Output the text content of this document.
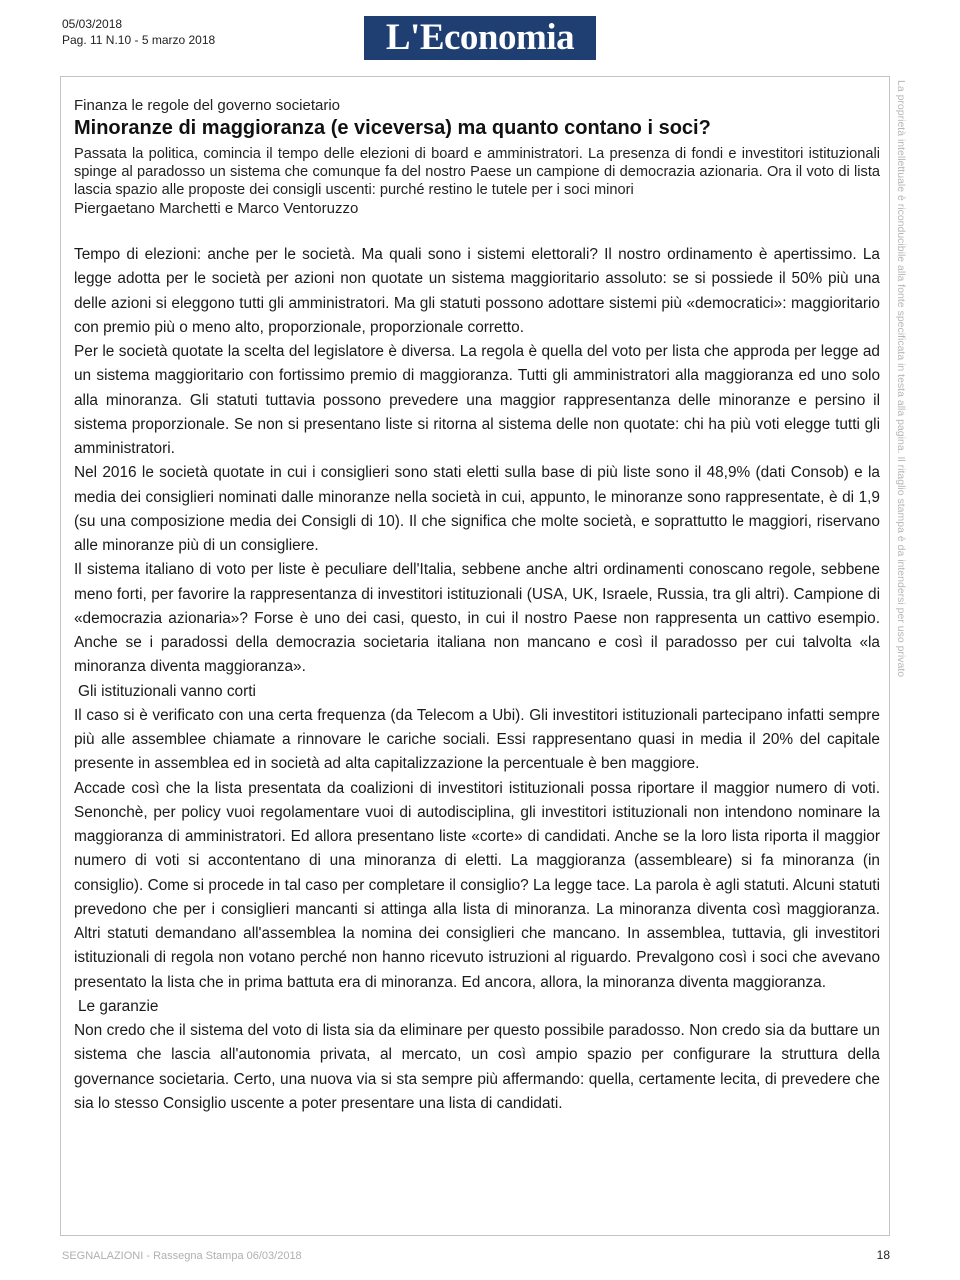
05/03/2018
Pag. 11 N.10 - 5 marzo 2018	L'Economia
La proprietà intellettuale è riconducibile alla fonte specificata in testa alla pagina. Il ritaglio stampa è da intendersi per uso privato

Finanza le regole del governo societario

Minoranze di maggioranza (e viceversa) ma quanto contano i soci?

Passata la politica, comincia il tempo delle elezioni di board e amministratori. La presenza di fondi e investitori istituzionali spinge al paradosso un sistema che comunque fa del nostro Paese un campione di democrazia azionaria. Ora il voto di lista lascia spazio alle proposte dei consigli uscenti: purché restino le tutele per i soci minori

Piergaetano Marchetti e Marco Ventoruzzo

Tempo di elezioni: anche per le società. Ma quali sono i sistemi elettorali? Il nostro ordinamento è apertissimo. La legge adotta per le società per azioni non quotate un sistema maggioritario assoluto: se si possiede il 50% più una delle azioni si eleggono tutti gli amministratori. Ma gli statuti possono adottare sistemi più «democratici»: maggioritario con premio più o meno alto, proporzionale, proporzionale corretto.

Per le società quotate la scelta del legislatore è diversa. La regola è quella del voto per lista che approda per legge ad un sistema maggioritario con fortissimo premio di maggioranza. Tutti gli amministratori alla maggioranza ed uno solo alla minoranza. Gli statuti tuttavia possono prevedere una maggior rappresentanza delle minoranze e persino il sistema proporzionale. Se non si presentano liste si ritorna al sistema delle non quotate: chi ha più voti elegge tutti gli amministratori.

Nel 2016 le società quotate in cui i consiglieri sono stati eletti sulla base di più liste sono il 48,9% (dati Consob) e la media dei consiglieri nominati dalle minoranze nella società in cui, appunto, le minoranze sono rappresentate, è di 1,9 (su una composizione media dei Consigli di 10). Il che significa che molte società, e soprattutto le maggiori, riservano alle minoranze più di un consigliere.

Il sistema italiano di voto per liste è peculiare dell'Italia, sebbene anche altri ordinamenti conoscano regole, sebbene meno forti, per favorire la rappresentanza di investitori istituzionali (USA, UK, Israele, Russia, tra gli altri). Campione di «democrazia azionaria»? Forse è uno dei casi, questo, in cui il nostro Paese non rappresenta un cattivo esempio. Anche se i paradossi della democrazia societaria italiana non mancano e così il paradosso per cui talvolta «la minoranza diventa maggioranza».

Gli istituzionali vanno corti

Il caso si è verificato con una certa frequenza (da Telecom a Ubi). Gli investitori istituzionali partecipano infatti sempre più alle assemblee chiamate a rinnovare le cariche sociali. Essi rappresentano quasi in media il 20% del capitale presente in assemblea ed in società ad alta capitalizzazione la percentuale è ben maggiore.

Accade così che la lista presentata da coalizioni di investitori istituzionali possa riportare il maggior numero di voti. Senonchè, per policy vuoi regolamentare vuoi di autodisciplina, gli investitori istituzionali non intendono nominare la maggioranza di amministratori. Ed allora presentano liste «corte» di candidati. Anche se la loro lista riporta il maggior numero di voti si accontentano di una minoranza di eletti. La maggioranza (assembleare) si fa minoranza (in consiglio). Come si procede in tal caso per completare il consiglio? La legge tace. La parola è agli statuti. Alcuni statuti prevedono che per i consiglieri mancanti si attinga alla lista di minoranza. La minoranza diventa così maggioranza. Altri statuti demandano all'assemblea la nomina dei consiglieri che mancano. In assemblea, tuttavia, gli investitori istituzionali di regola non votano perché non hanno ricevuto istruzioni al riguardo. Prevalgono così i soci che avevano presentato la lista che in prima battuta era di minoranza. Ed ancora, allora, la minoranza diventa maggioranza.

Le garanzie

Non credo che il sistema del voto di lista sia da eliminare per questo possibile paradosso. Non credo sia da buttare un sistema che lascia all'autonomia privata, al mercato, un così ampio spazio per configurare la struttura della governance societaria. Certo, una nuova via si sta sempre più affermando: quella, certamente lecita, di prevedere che sia lo stesso Consiglio uscente a poter presentare una lista di candidati.

SEGNALAZIONI - Rassegna Stampa 06/03/2018	18
